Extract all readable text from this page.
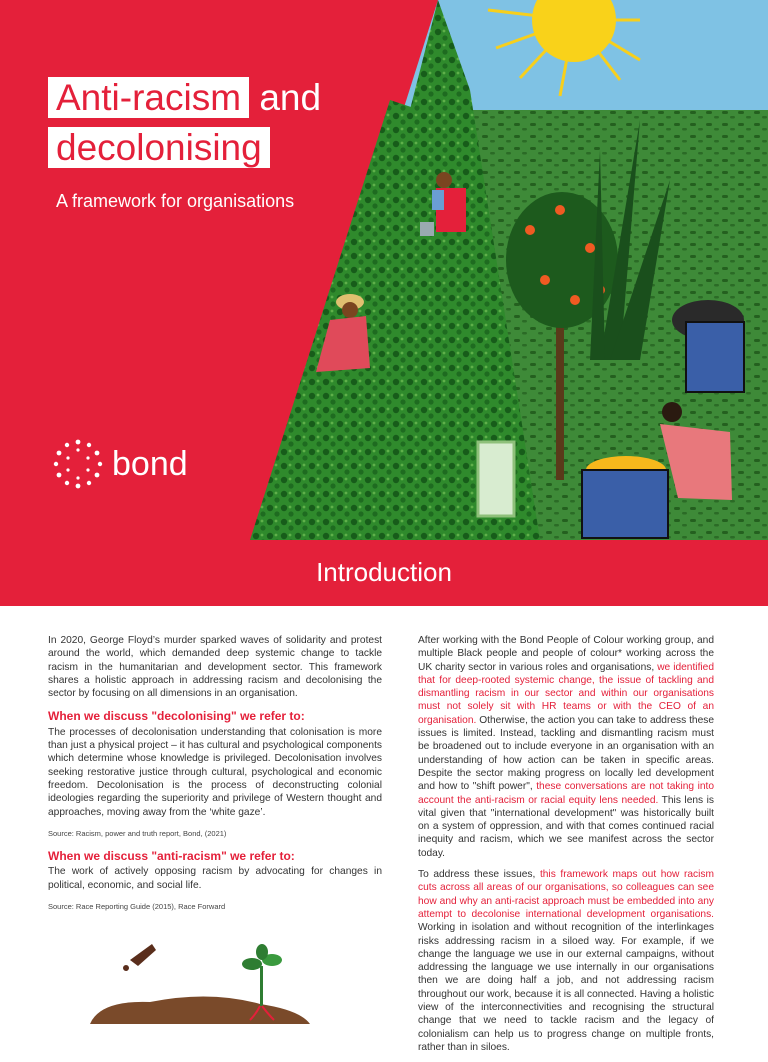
Anti-racism and
decolonising
A framework for organisations
bond
Introduction

In 2020, George Floyd’s murder sparked waves of solidarity and protest around the world, which demanded deep systemic change to tackle racism in the humanitarian and development sector. This framework shares a holistic approach in addressing racism and decolonising the sector by focusing on all dimensions in an organisation.

When we discuss "decolonising" we refer to:

The processes of decolonisation understanding that colonisation is more than just a physical project – it has cultural and psychological components which determine whose knowledge is privileged. Decolonisation involves seeking restorative justice through cultural, psychological and economic freedom. Decolonisation is the process of deconstructing colonial ideologies regarding the superiority and privilege of Western thought and approaches, moving away from the ‘white gaze’.

Source: Racism, power and truth report, Bond, (2021)
When we discuss "anti-racism" we refer to:

The work of actively opposing racism by advocating for changes in political, economic, and social life.

Source: Race Reporting Guide (2015), Race Forward

After working with the Bond People of Colour working group, and multiple Black people and people of colour* working across the UK charity sector in various roles and organisations, we identified that for deep-rooted systemic change, the issue of tackling and dismantling racism in our sector and within our organisations must not solely sit with HR teams or with the CEO of an organisation. Otherwise, the action you can take to address these issues is limited. Instead, tackling and dismantling racism must be broadened out to include everyone in an organisation with an understanding of how action can be taken in specific areas. Despite the sector making progress on locally led development and how to "shift power", these conversations are not taking into account the anti-racism or racial equity lens needed. This lens is vital given that "international development" was historically built on a system of oppression, and with that comes continued racial inequity and racism, which we see manifest across the sector today.

To address these issues, this framework maps out how racism cuts across all areas of our organisations, so colleagues can see how and why an anti-racist approach must be embedded into any attempt to decolonise international development organisations. Working in isolation and without recognition of the interlinkages risks addressing racism in a siloed way. For example, if we change the language we use in our external campaigns, without addressing the language we use internally in our organisations then we are doing half a job, and not addressing racism throughout our work, because it is all connected. Having a holistic view of the interconnectivities and recognising the structural change that we need to tackle racism and the legacy of colonialism can help us to progress change on multiple fronts, rather than in siloes.
